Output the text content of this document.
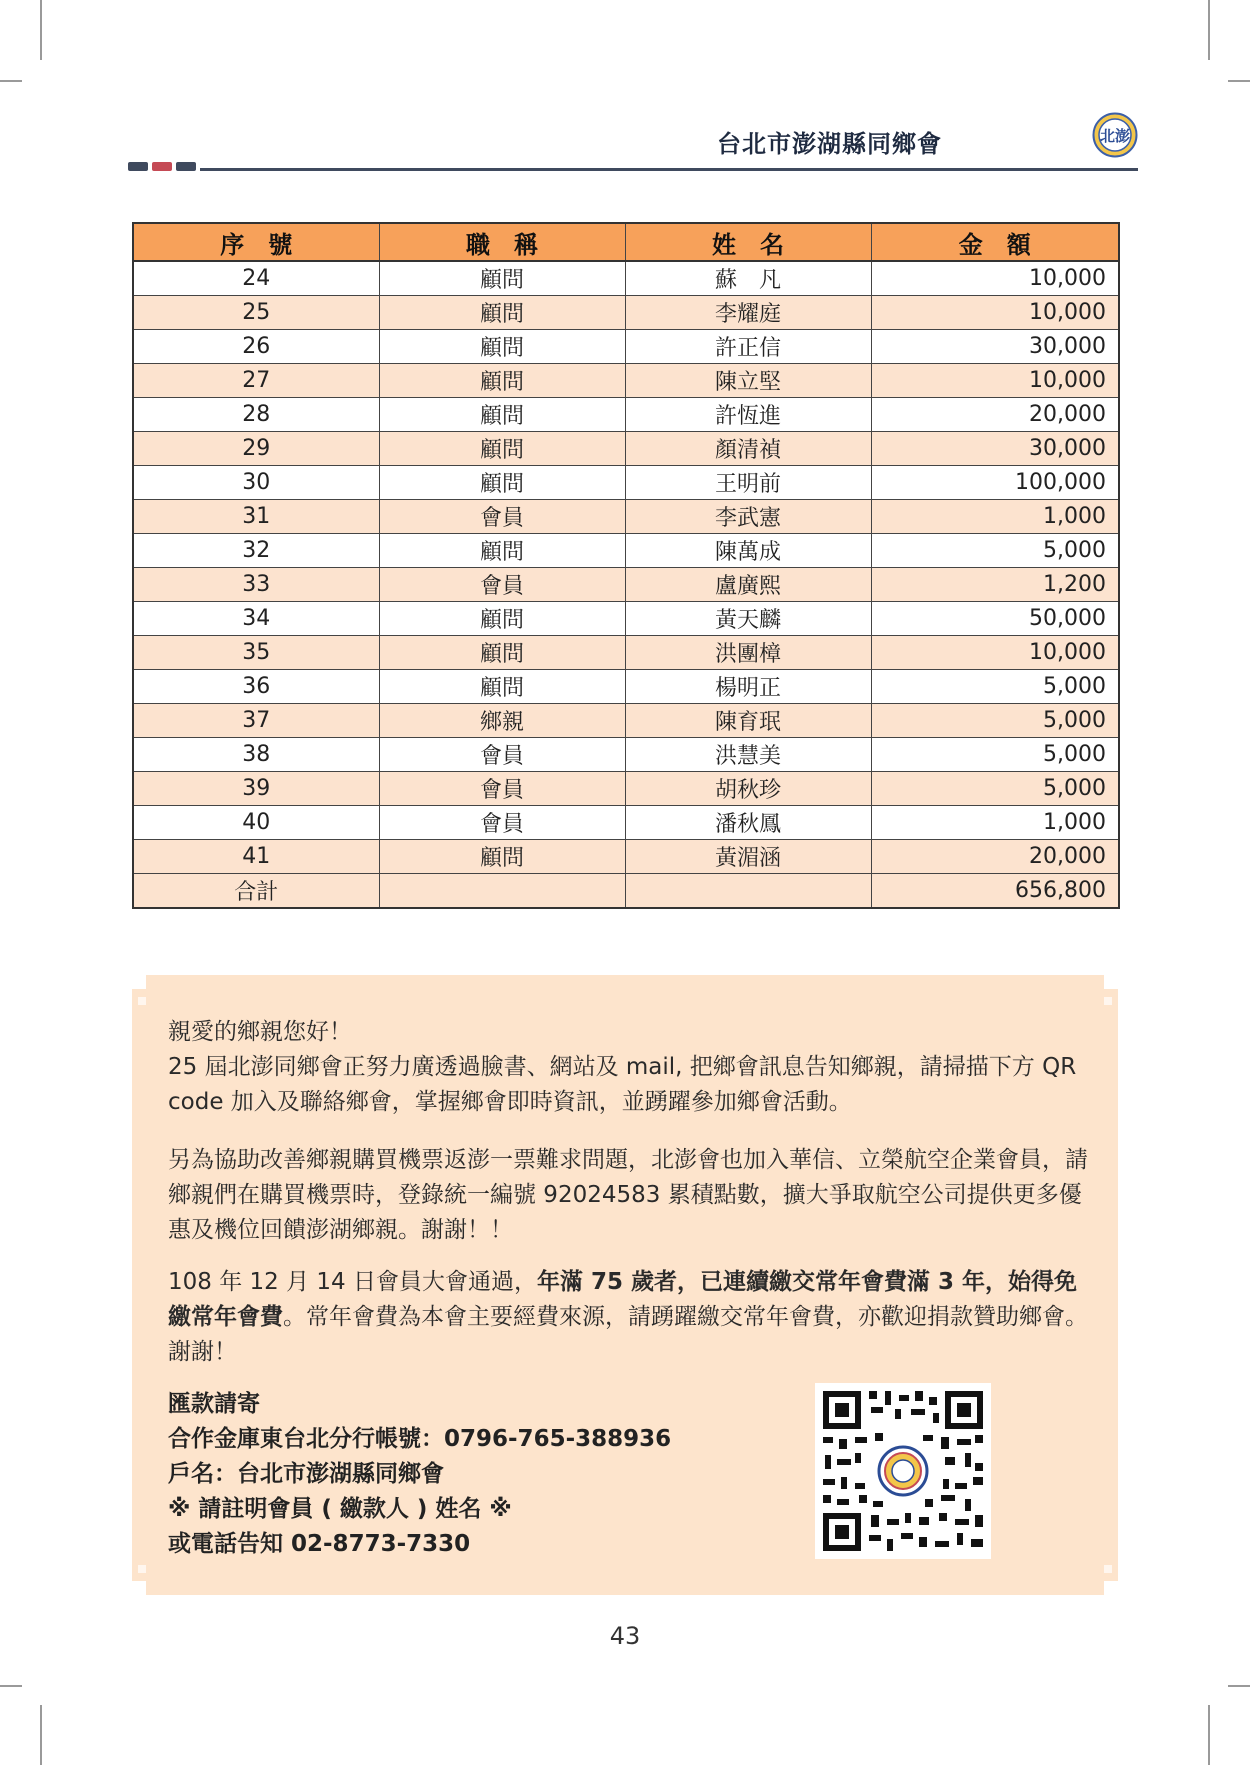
台北市澎湖縣同鄉會	北澎
序　號	職　稱	姓　名	金　額
24	顧問	蘇　凡	10,000
25	顧問	李耀庭	10,000
26	顧問	許正信	30,000
27	顧問	陳立堅	10,000
28	顧問	許恆進	20,000
29	顧問	顏清禎	30,000
30	顧問	王明前	100,000
31	會員	李武憲	1,000
32	顧問	陳萬成	5,000
33	會員	盧廣熙	1,200
34	顧問	黃天麟	50,000
35	顧問	洪團樟	10,000
36	顧問	楊明正	5,000
37	鄉親	陳育珉	5,000
38	會員	洪慧美	5,000
39	會員	胡秋珍	5,000
40	會員	潘秋鳳	1,000
41	顧問	黃湄涵	20,000
合計			656,800

親愛的鄉親您好！

25 屆北澎同鄉會正努力廣透過臉書、網站及 mail, 把鄉會訊息告知鄉親，請掃描下方 QR code 加入及聯絡鄉會，掌握鄉會即時資訊，並踴躍參加鄉會活動。

另為協助改善鄉親購買機票返澎一票難求問題，北澎會也加入華信、立榮航空企業會員，請鄉親們在購買機票時，登錄統一編號 92024583 累積點數，擴大爭取航空公司提供更多優惠及機位回饋澎湖鄉親。謝謝！！

108 年 12 月 14 日會員大會通過，年滿 75 歲者，已連續繳交常年會費滿 3 年，始得免繳常年會費。常年會費為本會主要經費來源，請踴躍繳交常年會費，亦歡迎捐款贊助鄉會。謝謝！

匯款請寄
合作金庫東台北分行帳號：0796-765-388936
戶名：台北市澎湖縣同鄉會
※ 請註明會員 ( 繳款人 ) 姓名 ※
或電話告知 02-8773-7330
43
